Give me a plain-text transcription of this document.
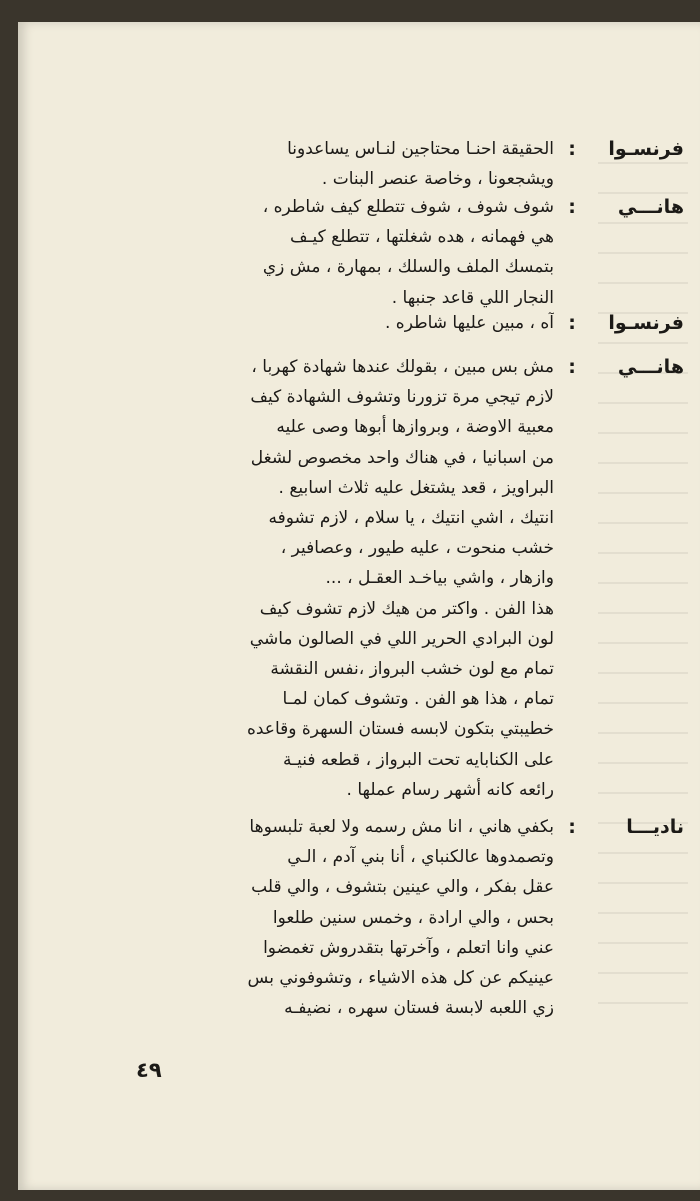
فرنسـوا
:
الحقيقة احنـا محتاجين لنـاس يساعدونا
ويشجعونا ، وخاصة عنصر البنات .
هانـــي
:
شوف شوف ، شوف تتطلع كيف شاطره ،
هي فهمانه ، هده شغلتها ، تتطلع كيـف
بتمسك الملف والسلك ، بمهارة ، مش زي
النجار اللي قاعد جنبها .
فرنسـوا
:
آه ، مبين عليها شاطره .
هانـــي
:
مش بس مبين ، بقولك عندها شهادة كهربا ،
لازم تيجي مرة تزورنا وتشوف الشهادة كيف
معبية الاوضة ، وبروازها أبوها وصى عليه
من اسبانيا ، في هناك واحد مخصوص لشغل
البراويز ، قعد يشتغل عليه ثلاث اسابيع .
انتيك ، اشي انتيك ، يا سلام ، لازم تشوفه
خشب منحوت ، عليه طيور ، وعصافير ،
وازهار ، واشي بياخـد العقـل ، ...
هذا الفن . واكتر من هيك لازم تشوف كيف
لون البرادي الحرير اللي في الصالون ماشي
تمام مع لون خشب البرواز ،نفس النقشة
تمام ، هذا هو الفن . وتشوف كمان لمـا
خطيبتي بتكون لابسه فستان السهرة وقاعده
على الكنابايه تحت البرواز ، قطعه فنيـة
رائعه كانه أشهر رسام عملها .
ناديـــا
:
بكفي هاني ، انا مش رسمه ولا لعبة تلبسوها
وتصمدوها عالكنباي ، أنا بني آدم ، الـي
عقل بفكر ، والي عينين بتشوف ، والي قلب
بحس ، والي ارادة ، وخمس سنين طلعوا
عني وانا اتعلم ، وآخرتها بتقدروش تغمضوا
عينيكم عن كل هذه الاشياء ، وتشوفوني بس
زي اللعبه لابسة فستان سهره ، نضيفـه
٤٩
